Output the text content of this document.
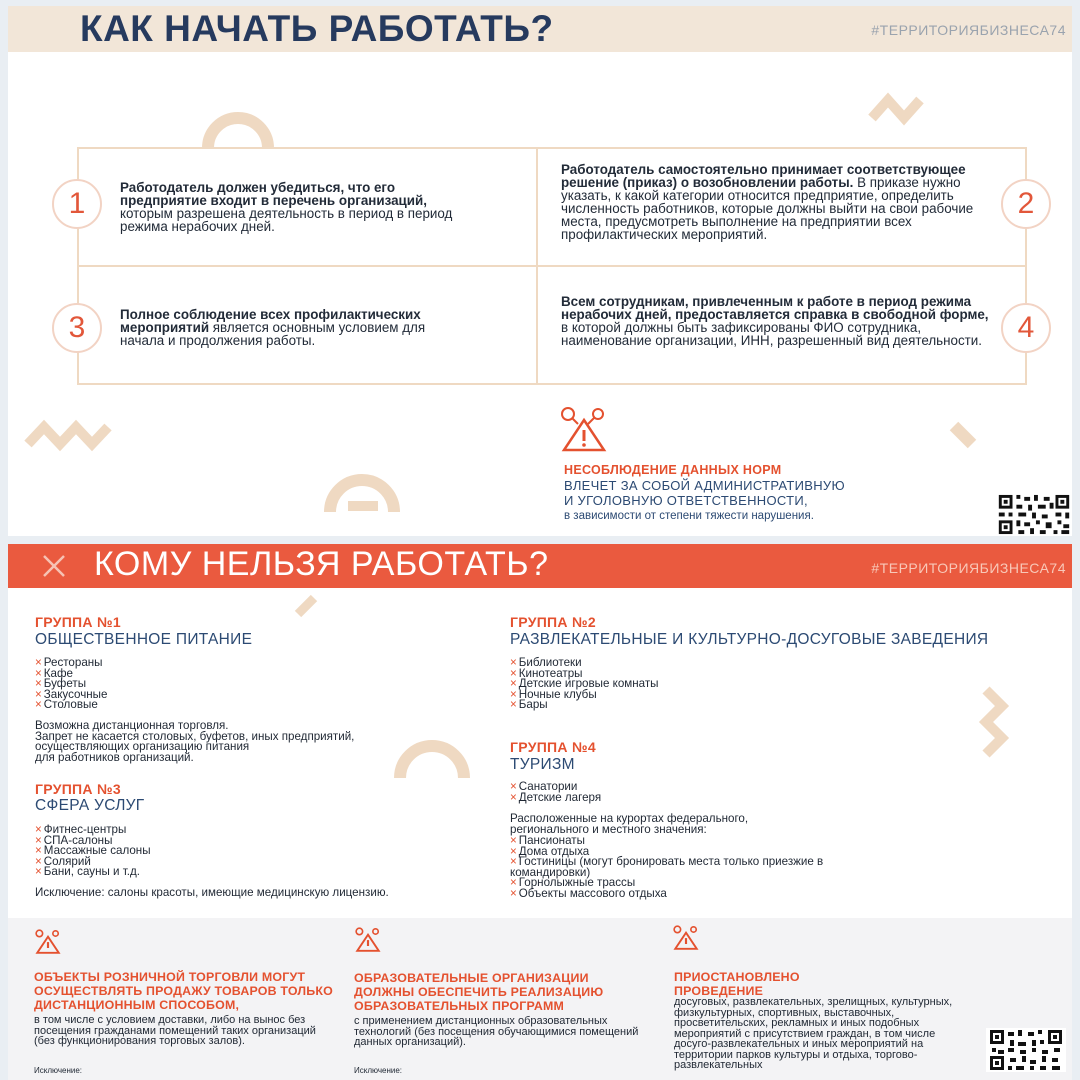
КАК НАЧАТЬ РАБОТАТЬ?	#ТЕРРИТОРИЯБИЗНЕСА74
1	Работодатель должен убедиться, что его предприятие входит в перечень организаций, которым разрешена деятельность в период в период режима нерабочих дней.
2
Работодатель самостоятельно принимает соответствующее решение (приказ) о возобновлении работы. В приказе нужно указать, к какой категории относится предприятие, определить численность работников, которые должны выйти на свои рабочие места, предусмотреть выполнение на предприятии всех профилактических мероприятий.
3	Полное соблюдение всех профилактических мероприятий является основным условием для начала и продолжения работы.	4
Всем сотрудникам, привлеченным к работе в период режима нерабочих дней, предоставляется справка в свободной форме, в которой должны быть зафиксированы ФИО сотрудника, наименование организации, ИНН, разрешенный вид деятельности.
НЕСОБЛЮДЕНИЕ ДАННЫХ НОРМ
ВЛЕЧЕТ ЗА СОБОЙ АДМИНИСТРАТИВНУЮ
И УГОЛОВНУЮ ОТВЕТСТВЕННОСТИ,
в зависимости от степени тяжести нарушения.
КОМУ НЕЛЬЗЯ РАБОТАТЬ?	#ТЕРРИТОРИЯБИЗНЕСА74
ГРУППА №1
ОБЩЕСТВЕННОЕ ПИТАНИЕ
× Рестораны
× Кафе
× Буфеты
× Закусочные
× Столовые
Возможна дистанционная торговля.
Запрет не касается столовых, буфетов, иных предприятий,
осуществляющих организацию питания
для работников организаций.
ГРУППА №3
СФЕРА УСЛУГ
× Фитнес-центры
× СПА-салоны
× Массажные салоны
× Солярий
× Бани, сауны и т.д.
Исключение: салоны красоты, имеющие медицинскую лицензию.
ГРУППА №2
РАЗВЛЕКАТЕЛЬНЫЕ И КУЛЬТУРНО-ДОСУГОВЫЕ ЗАВЕДЕНИЯ
× Библиотеки
× Кинотеатры
× Детские игровые комнаты
× Ночные клубы
× Бары
ГРУППА №4
ТУРИЗМ
× Санатории
× Детские лагеря
Расположенные на курортах федерального,
регионального и местного значения:
× Пансионаты
× Дома отдыха
× Гостиницы (могут бронировать места только приезжие в командировки)
× Горнолыжные трассы
× Объекты массового отдыха
ОБЪЕКТЫ РОЗНИЧНОЙ ТОРГОВЛИ МОГУТ ОСУЩЕСТВЛЯТЬ ПРОДАЖУ ТОВАРОВ ТОЛЬКО ДИСТАНЦИОННЫМ СПОСОБОМ,
в том числе с условием доставки, либо на вынос без посещения гражданами помещений таких организаций (без функционирования торговых залов).
Исключение:
ОБРАЗОВАТЕЛЬНЫЕ ОРГАНИЗАЦИИ ДОЛЖНЫ ОБЕСПЕЧИТЬ РЕАЛИЗАЦИЮ ОБРАЗОВАТЕЛЬНЫХ ПРОГРАММ
с применением дистанционных образовательных технологий (без посещения обучающимися помещений данных организаций).
Исключение:
ПРИОСТАНОВЛЕНО ПРОВЕДЕНИЕ
досуговых, развлекательных, зрелищных, культурных, физкультурных, спортивных, выставочных, просветительских, рекламных и иных подобных мероприятий с присутствием граждан, в том числе досуго-развлекательных и иных мероприятий на территории парков культуры и отдыха, торгово-развлекательных
